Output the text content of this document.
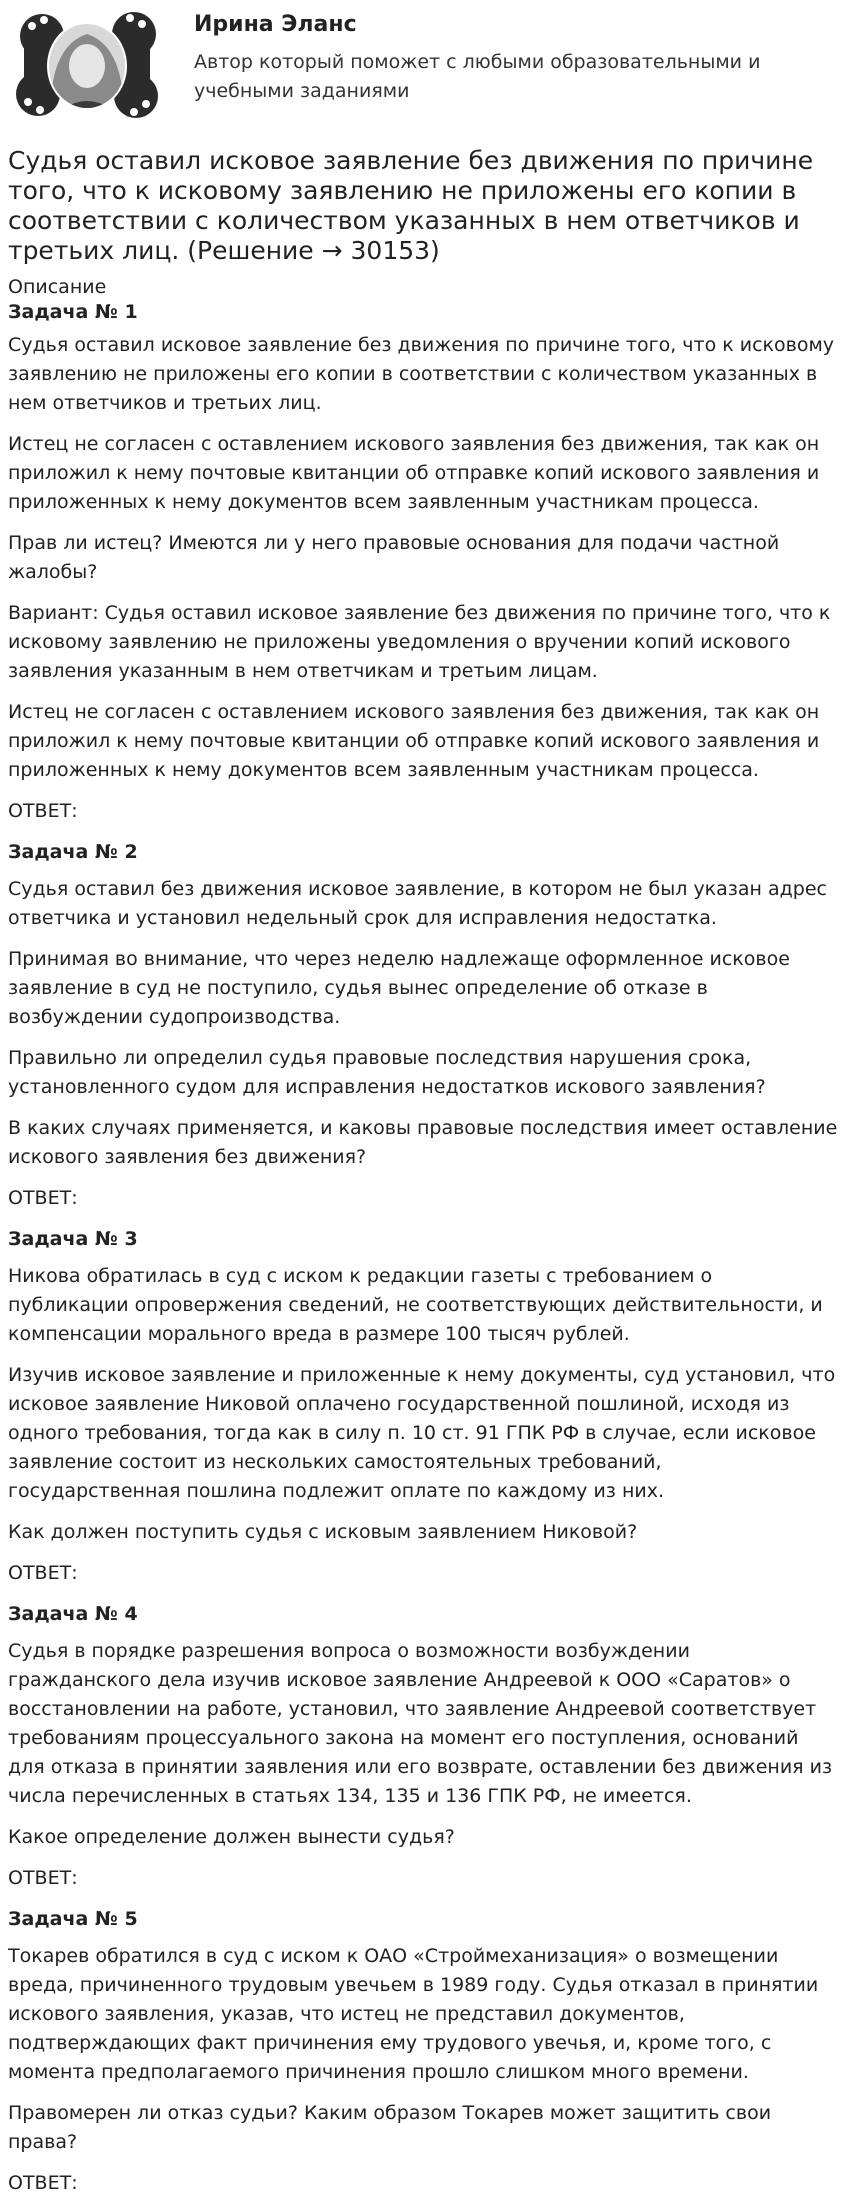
Ирина Эланс
Автор который поможет с любыми образовательными и учебными заданиями
Судья оставил исковое заявление без движения по причине того, что к исковому заявлению не приложены его копии в соответствии с количеством указанных в нем ответчиков и третьих лиц. (Решение → 30153)
Описание
Задача № 1

Судья оставил исковое заявление без движения по причине того, что к исковому заявлению не приложены его копии в соответствии с количеством указанных в нем ответчиков и третьих лиц.

Истец не согласен с оставлением искового заявления без движения, так как он приложил к нему почтовые квитанции об отправке копий искового заявления и приложенных к нему документов всем заявленным участникам процесса.

Прав ли истец? Имеются ли у него правовые основания для подачи частной жалобы?

Вариант: Судья оставил исковое заявление без движения по причине того, что к исковому заявлению не приложены уведомления о вручении копий искового заявления указанным в нем ответчикам и третьим лицам.

Истец не согласен с оставлением искового заявления без движения, так как он приложил к нему почтовые квитанции об отправке копий искового заявления и приложенных к нему документов всем заявленным участникам процесса.

ОТВЕТ:
Задача № 2

Судья оставил без движения исковое заявление, в котором не был указан адрес ответчика и установил недельный срок для исправления недостатка.

Принимая во внимание, что через неделю надлежаще оформленное исковое заявление в суд не поступило, судья вынес определение об отказе в возбуждении судопроизводства.

Правильно ли определил судья правовые последствия нарушения срока, установленного судом для исправления недостатков искового заявления?

В каких случаях применяется, и каковы правовые последствия имеет оставление искового заявления без движения?

ОТВЕТ:
Задача № 3

Никова обратилась в суд с иском к редакции газеты с требованием о публикации опровержения сведений, не соответствующих действительности, и компенсации морального вреда в размере 100 тысяч рублей.

Изучив исковое заявление и приложенные к нему документы, суд установил, что исковое заявление Никовой оплачено государственной пошлиной, исходя из одного требования, тогда как в силу п. 10 ст. 91 ГПК РФ в случае, если исковое заявление состоит из нескольких самостоятельных требований, государственная пошлина подлежит оплате по каждому из них.

Как должен поступить судья с исковым заявлением Никовой?

ОТВЕТ:
Задача № 4

Судья в порядке разрешения вопроса о возможности возбуждении гражданского дела изучив исковое заявление Андреевой к ООО «Саратов» о восстановлении на работе, установил, что заявление Андреевой соответствует требованиям процессуального закона на момент его поступления, оснований для отказа в принятии заявления или его возврате, оставлении без движения из числа перечисленных в статьях 134, 135 и 136 ГПК РФ, не имеется.

Какое определение должен вынести судья?

ОТВЕТ:
Задача № 5

Токарев обратился в суд с иском к ОАО «Строймеханизация» о возмещении вреда, причиненного трудовым увечьем в 1989 году. Судья отказал в принятии искового заявления, указав, что истец не представил документов, подтверждающих факт причинения ему трудового увечья, и, кроме того, с момента предполагаемого причинения прошло слишком много времени.

Правомерен ли отказ судьи? Каким образом Токарев может защитить свои права?

ОТВЕТ:
